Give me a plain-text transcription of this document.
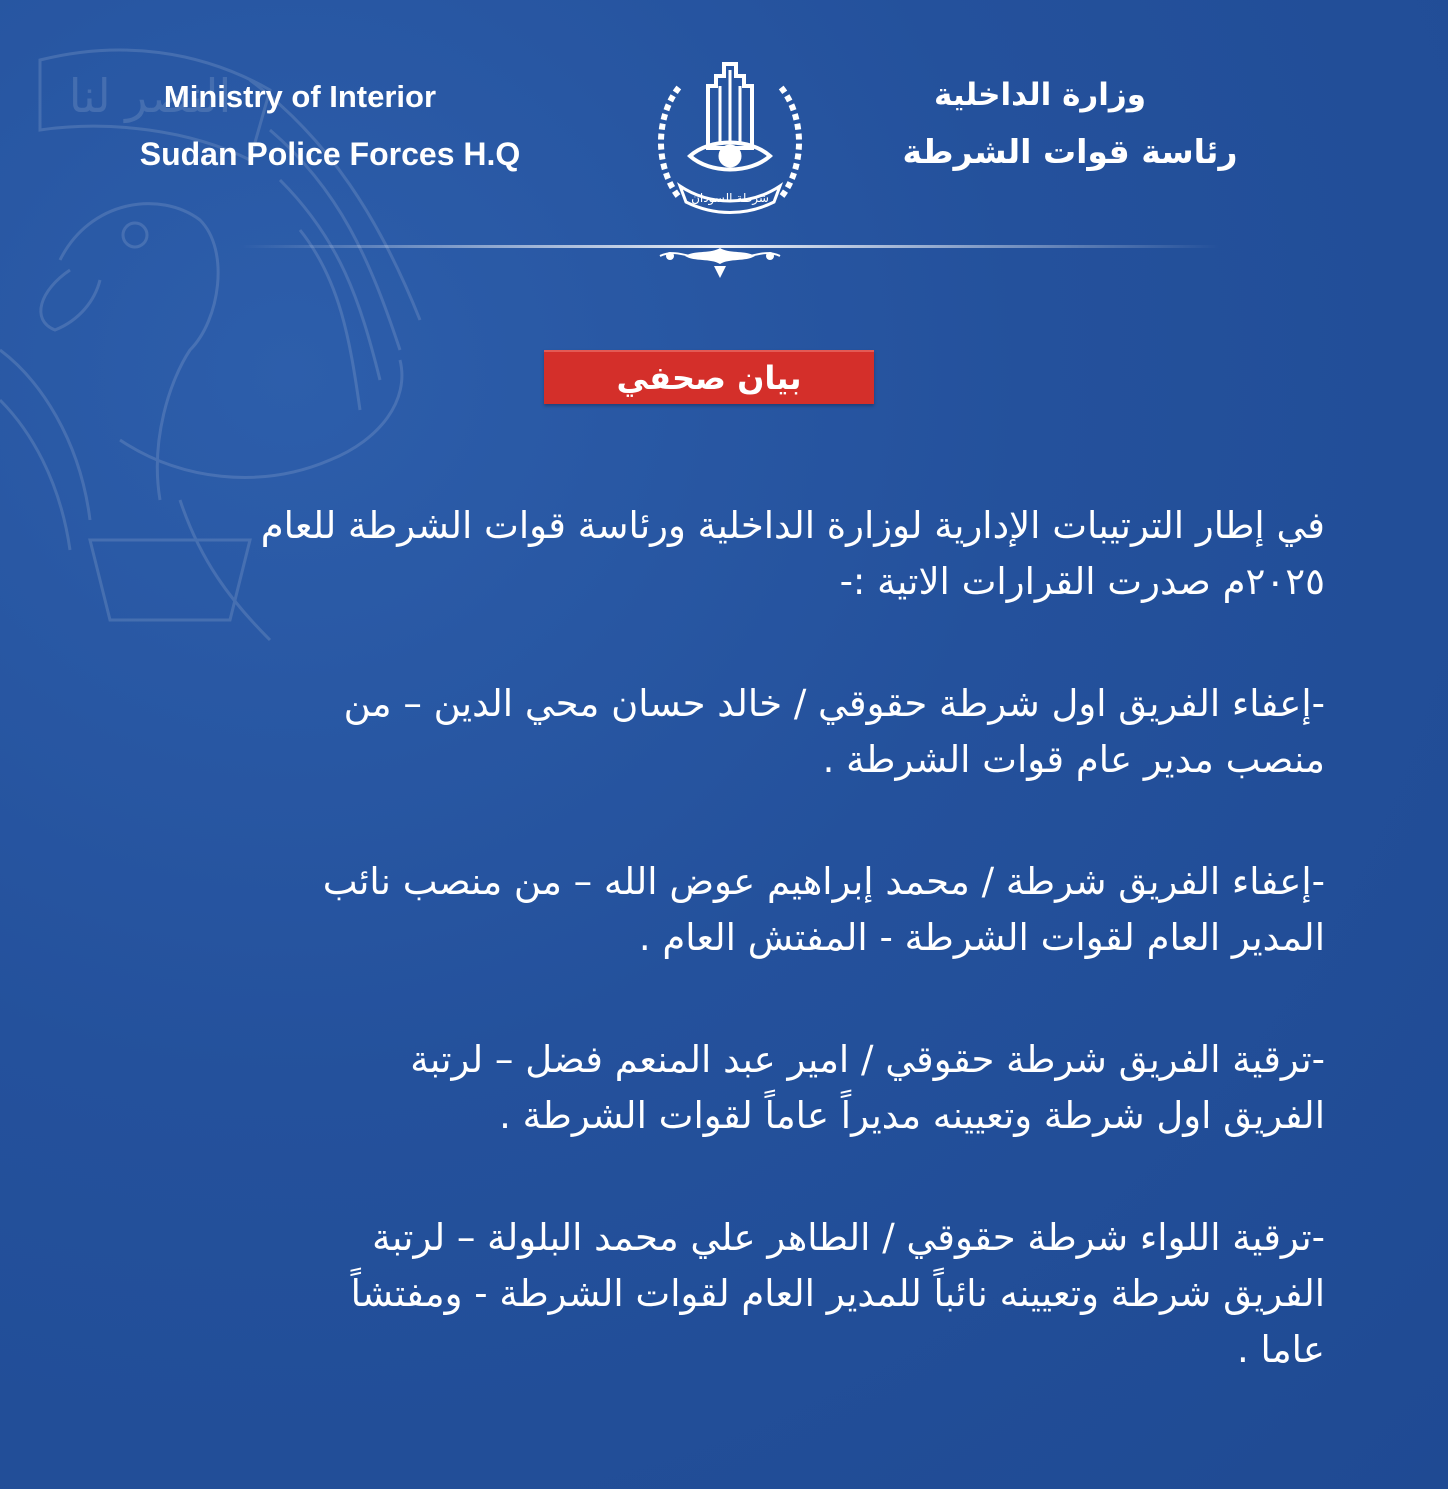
النصر لنا
Ministry of Interior
Sudan Police Forces H.Q
شرطة السودان
وزارة الداخلية
رئاسة قوات الشرطة
بيان صحفي

في إطار الترتيبات الإدارية لوزارة الداخلية ورئاسة قوات الشرطة للعام
٢٠٢٥م صدرت القرارات الاتية :-

-إعفاء الفريق اول شرطة حقوقي / خالد حسان محي الدين – من
منصب مدير عام قوات الشرطة .

-إعفاء الفريق شرطة / محمد إبراهيم عوض الله – من منصب نائب
المدير العام لقوات الشرطة - المفتش العام .

-ترقية الفريق شرطة حقوقي / امير عبد المنعم فضل – لرتبة
الفريق اول شرطة وتعيينه مديراً عاماً لقوات الشرطة .

-ترقية اللواء شرطة حقوقي / الطاهر علي محمد البلولة – لرتبة
الفريق شرطة وتعيينه نائباً للمدير العام لقوات الشرطة - ومفتشاً
عاما .
